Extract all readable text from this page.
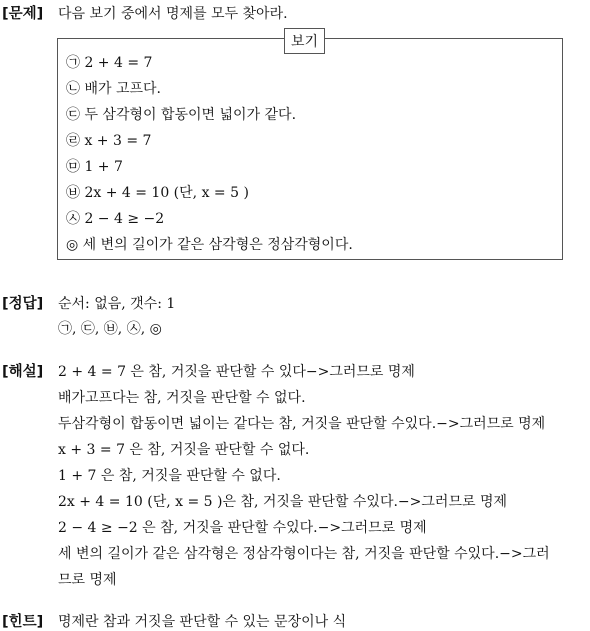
[문제] 다음 보기 중에서 명제를 모두 찾아라.
㉠ 2 + 4 = 7
㉡ 배가 고프다.
㉢ 두 삼각형이 합동이면 넓이가 같다.
㉣ x + 3 = 7
㉤ 1 + 7
㉥ 2x + 4 = 10 (단, x = 5 )
㉦ 2 − 4 ≥ −2
◎ 세 변의 길이가 같은 삼각형은 정삼각형이다.
보기
[정답] 순서: 없음, 갯수: 1
㉠, ㉢, ㉥, ㉦, ◎
[해설] 2 + 4 = 7 은 참, 거짓을 판단할 수 있다−>그러므로 명제
배가고프다는 참, 거짓을 판단할 수 없다.
두삼각형이 합동이면 넓이는 같다는 참, 거짓을 판단할 수있다.−>그러므로 명제
x + 3 = 7 은 참, 거짓을 판단할 수 없다.
1 + 7 은 참, 거짓을 판단할 수 없다.
2x + 4 = 10 (단, x = 5 )은 참, 거짓을 판단할 수있다.−>그러므로 명제
2 − 4 ≥ −2 은 참, 거짓을 판단할 수있다.−>그러므로 명제
세 변의 길이가 같은 삼각형은 정삼각형이다는 참, 거짓을 판단할 수있다.−>그러
므로 명제
[힌트] 명제란 참과 거짓을 판단할 수 있는 문장이나 식
